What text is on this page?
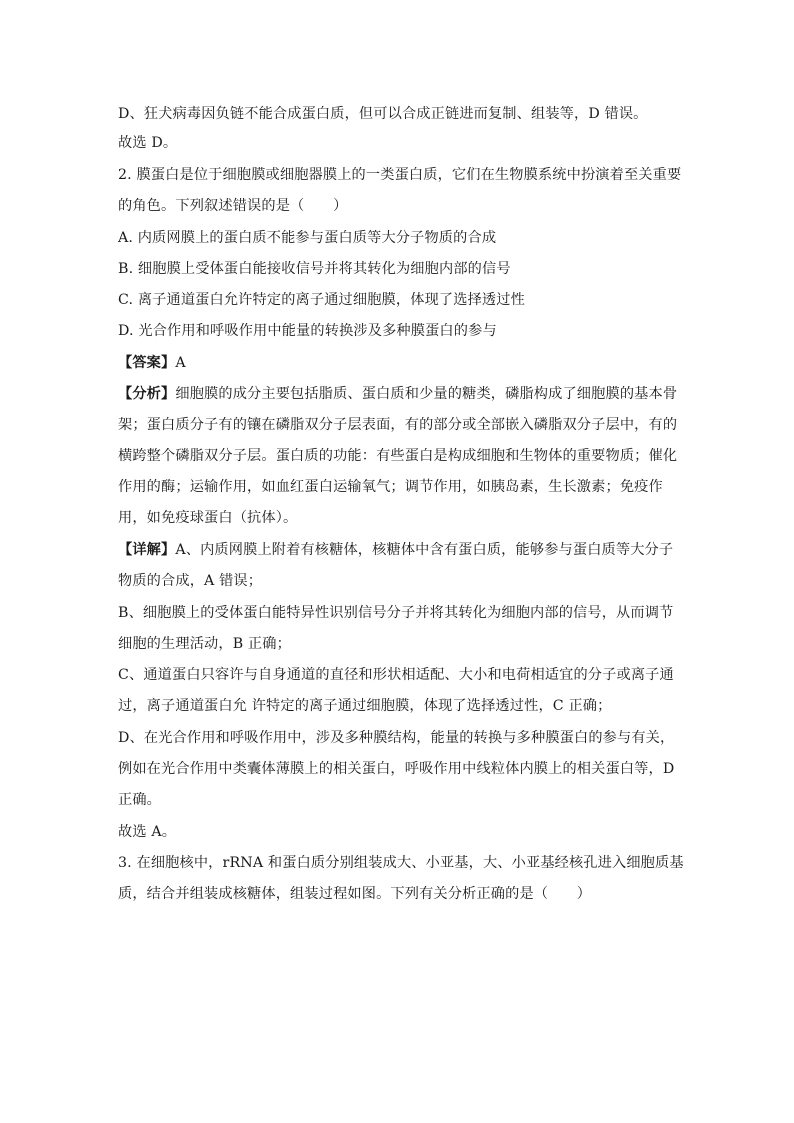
D、狂犬病毒因负链不能合成蛋白质，但可以合成正链进而复制、组装等，D 错误。
故选 D。
2. 膜蛋白是位于细胞膜或细胞器膜上的一类蛋白质，它们在生物膜系统中扮演着至关重要
的角色。下列叙述错误的是（　　）
A. 内质网膜上的蛋白质不能参与蛋白质等大分子物质的合成
B. 细胞膜上受体蛋白能接收信号并将其转化为细胞内部的信号
C. 离子通道蛋白允许特定的离子通过细胞膜，体现了选择透过性
D. 光合作用和呼吸作用中能量的转换涉及多种膜蛋白的参与
【答案】A
【分析】细胞膜的成分主要包括脂质、蛋白质和少量的糖类，磷脂构成了细胞膜的基本骨
架；蛋白质分子有的镶在磷脂双分子层表面，有的部分或全部嵌入磷脂双分子层中，有的
横跨整个磷脂双分子层。蛋白质的功能：有些蛋白是构成细胞和生物体的重要物质；催化
作用的酶；运输作用，如血红蛋白运输氧气；调节作用，如胰岛素，生长激素；免疫作
用，如免疫球蛋白（抗体）。
【详解】A、内质网膜上附着有核糖体，核糖体中含有蛋白质，能够参与蛋白质等大分子
物质的合成，A 错误；
B、细胞膜上的受体蛋白能特异性识别信号分子并将其转化为细胞内部的信号，从而调节
细胞的生理活动，B 正确；
C、通道蛋白只容许与自身通道的直径和形状相适配、大小和电荷相适宜的分子或离子通
过，离子通道蛋白允 许特定的离子通过细胞膜，体现了选择透过性，C 正确；
D、在光合作用和呼吸作用中，涉及多种膜结构，能量的转换与多种膜蛋白的参与有关，
例如在光合作用中类囊体薄膜上的相关蛋白，呼吸作用中线粒体内膜上的相关蛋白等，D
正确。
故选 A。
3. 在细胞核中，rRNA 和蛋白质分别组装成大、小亚基，大、小亚基经核孔进入细胞质基
质，结合并组装成核糖体，组装过程如图。下列有关分析正确的是（　　）
